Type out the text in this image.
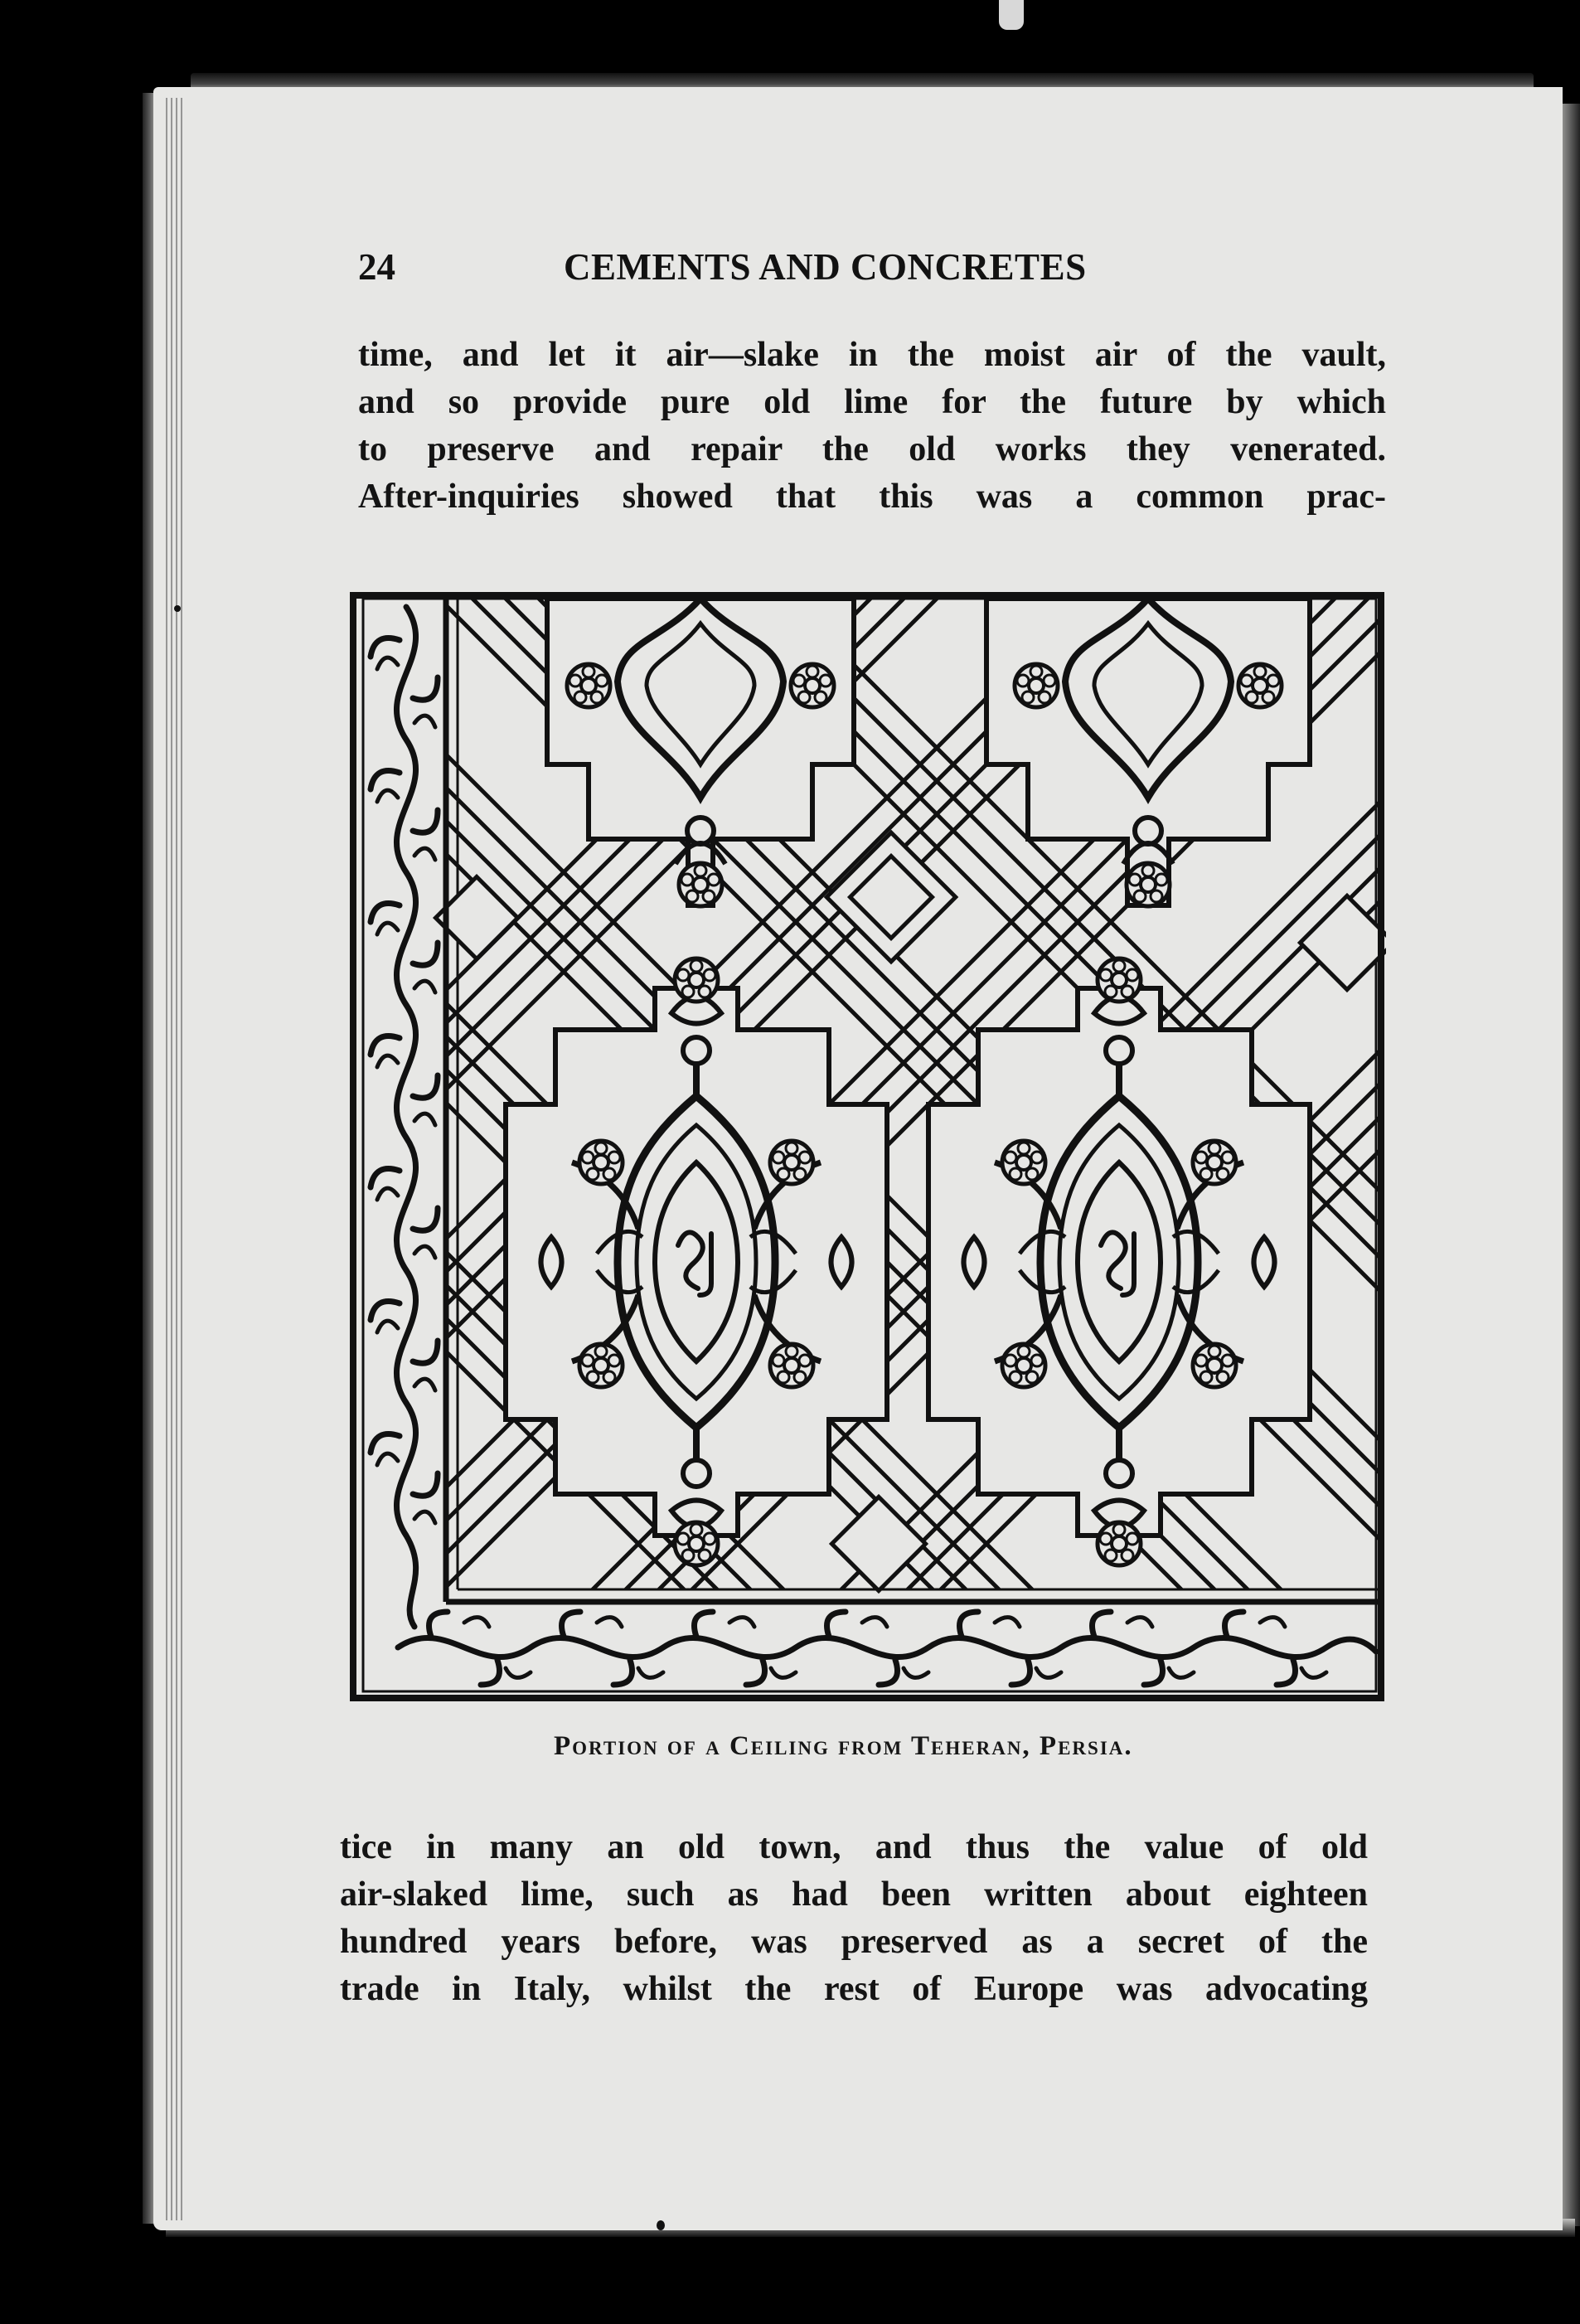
24	CEMENTS AND CONCRETES

time, and let it air—slake in the moist air of the vault,
and so provide pure old lime for the future by which
to preserve and repair the old works they venerated.
After-inquiries showed that this was a common prac-

Portion of a Ceiling from Teheran, Persia.

tice in many an old town, and thus the value of old
air-slaked lime, such as had been written about eighteen
hundred years before, was preserved as a secret of the
trade in Italy, whilst the rest of Europe was advocating
